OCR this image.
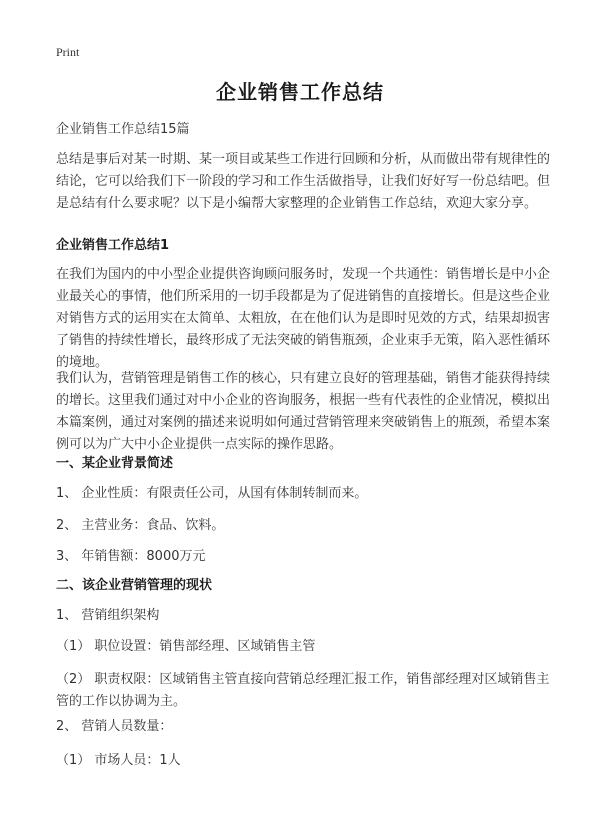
Print
企业销售工作总结
企业销售工作总结15篇
总结是事后对某一时期、某一项目或某些工作进行回顾和分析，从而做出带有规律性的结论，它可以给我们下一阶段的学习和工作生活做指导，让我们好好写一份总结吧。但是总结有什么要求呢？以下是小编帮大家整理的企业销售工作总结，欢迎大家分享。
企业销售工作总结1
在我们为国内的中小型企业提供咨询顾问服务时，发现一个共通性：销售增长是中小企业最关心的事情，他们所采用的一切手段都是为了促进销售的直接增长。但是这些企业对销售方式的运用实在太简单、太粗放，在在他们认为是即时见效的方式，结果却损害了销售的持续性增长，最终形成了无法突破的销售瓶颈，企业束手无策，陷入恶性循环的境地。
我们认为，营销管理是销售工作的核心，只有建立良好的管理基础，销售才能获得持续的增长。这里我们通过对中小企业的咨询服务，根据一些有代表性的企业情况，模拟出本篇案例，通过对案例的描述来说明如何通过营销管理来突破销售上的瓶颈，希望本案例可以为广大中小企业提供一点实际的操作思路。
一、某企业背景简述
1、 企业性质：有限责任公司，从国有体制转制而来。
2、 主营业务：食品、饮料。
3、 年销售额：8000万元
二、该企业营销管理的现状
1、 营销组织架构
（1） 职位设置：销售部经理、区域销售主管
（2） 职责权限：区域销售主管直接向营销总经理汇报工作，销售部经理对区域销售主管的工作以协调为主。
2、 营销人员数量：
（1） 市场人员：1人
